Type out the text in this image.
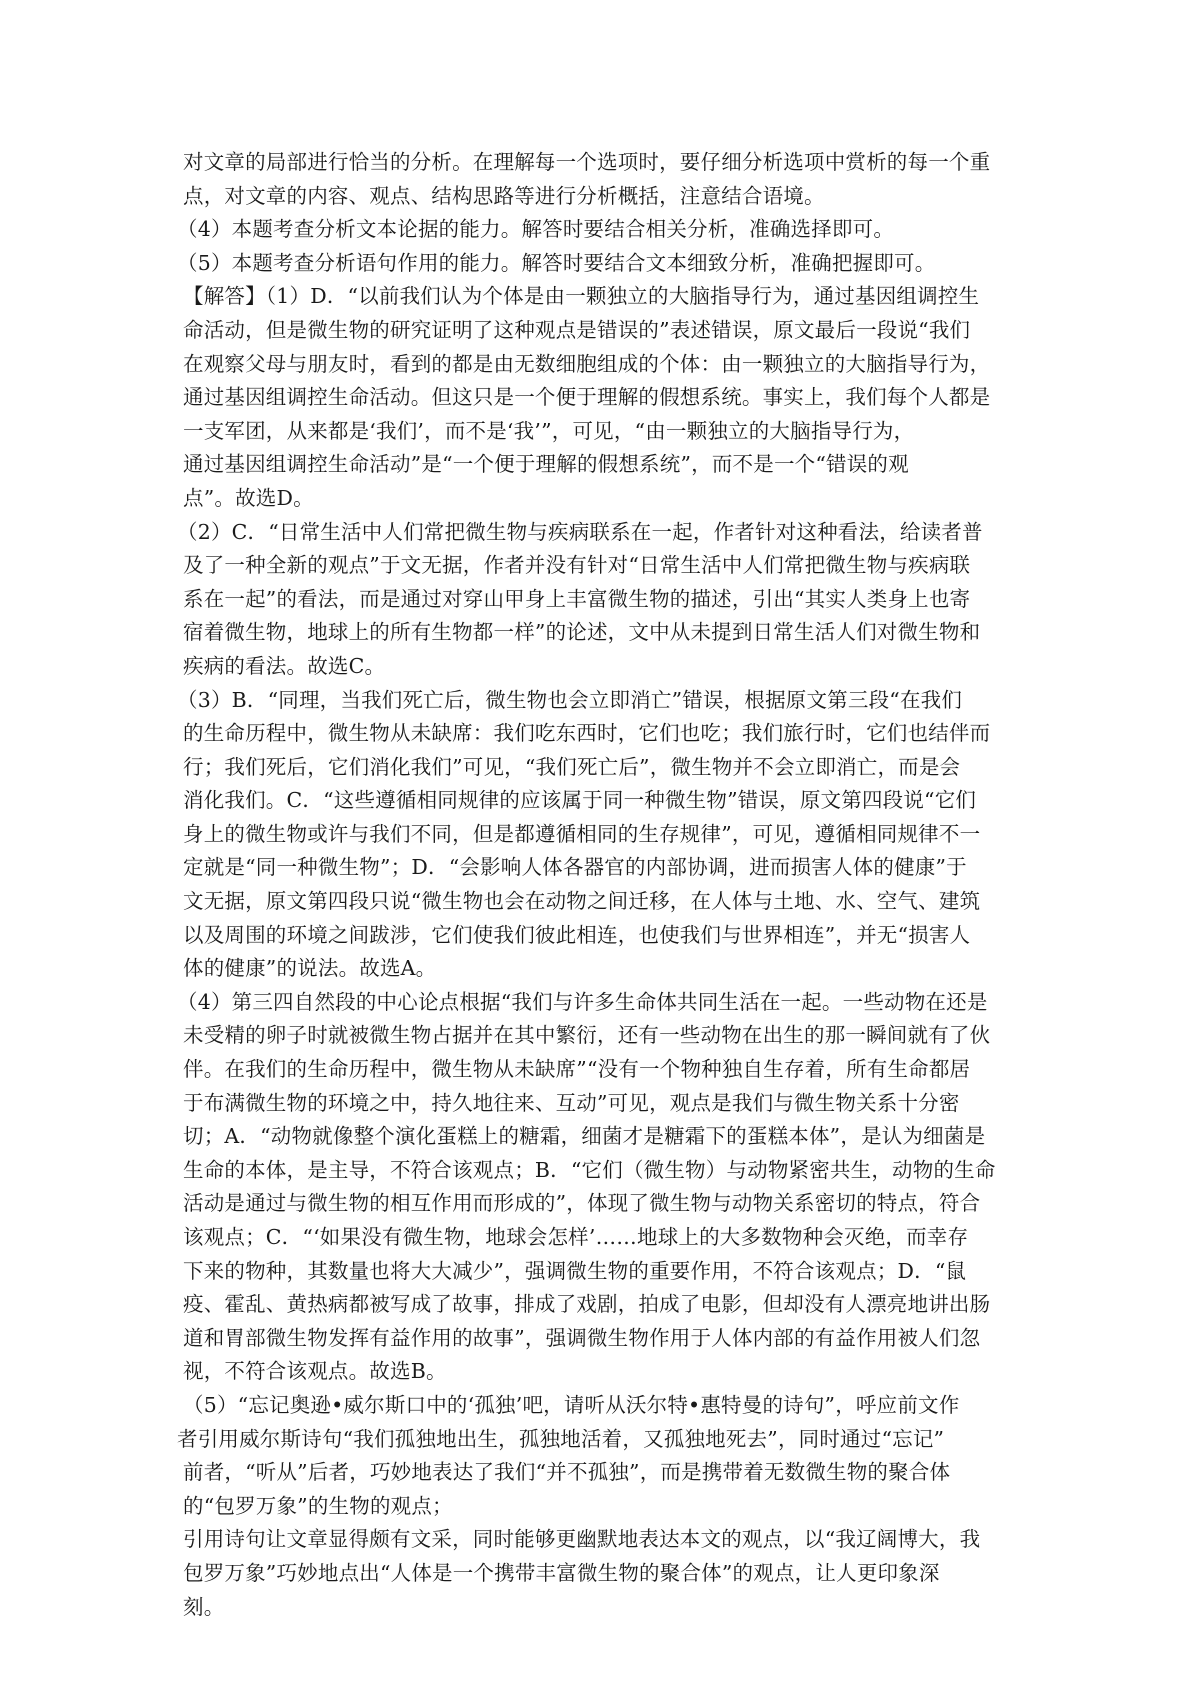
对文章的局部进行恰当的分析。在理解每一个选项时，要仔细分析选项中赏析的每一个重
点，对文章的内容、观点、结构思路等进行分析概括，注意结合语境。
（4）本题考查分析文本论据的能力。解答时要结合相关分析，准确选择即可。
（5）本题考查分析语句作用的能力。解答时要结合文本细致分析，准确把握即可。
【解答】（1）D．“以前我们认为个体是由一颗独立的大脑指导行为，通过基因组调控生
命活动，但是微生物的研究证明了这种观点是错误的”表述错误，原文最后一段说“我们
在观察父母与朋友时，看到的都是由无数细胞组成的个体：由一颗独立的大脑指导行为，
通过基因组调控生命活动。但这只是一个便于理解的假想系统。事实上，我们每个人都是
一支军团，从来都是‘我们’，而不是‘我’”，可见，“由一颗独立的大脑指导行为，
通过基因组调控生命活动”是“一个便于理解的假想系统”，而不是一个“错误的观
点”。故选D。
（2）C．“日常生活中人们常把微生物与疾病联系在一起，作者针对这种看法，给读者普
及了一种全新的观点”于文无据，作者并没有针对“日常生活中人们常把微生物与疾病联
系在一起”的看法，而是通过对穿山甲身上丰富微生物的描述，引出“其实人类身上也寄
宿着微生物，地球上的所有生物都一样”的论述，文中从未提到日常生活人们对微生物和
疾病的看法。故选C。
（3）B．“同理，当我们死亡后，微生物也会立即消亡”错误，根据原文第三段“在我们
的生命历程中，微生物从未缺席：我们吃东西时，它们也吃；我们旅行时，它们也结伴而
行；我们死后，它们消化我们”可见，“我们死亡后”，微生物并不会立即消亡，而是会
消化我们。C．“这些遵循相同规律的应该属于同一种微生物”错误，原文第四段说“它们
身上的微生物或许与我们不同，但是都遵循相同的生存规律”，可见，遵循相同规律不一
定就是“同一种微生物”；D．“会影响人体各器官的内部协调，进而损害人体的健康”于
文无据，原文第四段只说“微生物也会在动物之间迁移，在人体与土地、水、空气、建筑
以及周围的环境之间跋涉，它们使我们彼此相连，也使我们与世界相连”，并无“损害人
体的健康”的说法。故选A。
（4）第三四自然段的中心论点根据“我们与许多生命体共同生活在一起。一些动物在还是
未受精的卵子时就被微生物占据并在其中繁衍，还有一些动物在出生的那一瞬间就有了伙
伴。在我们的生命历程中，微生物从未缺席”“没有一个物种独自生存着，所有生命都居
于布满微生物的环境之中，持久地往来、互动”可见，观点是我们与微生物关系十分密
切；A．“动物就像整个演化蛋糕上的糖霜，细菌才是糖霜下的蛋糕本体”，是认为细菌是
生命的本体，是主导，不符合该观点；B．“它们（微生物）与动物紧密共生，动物的生命
活动是通过与微生物的相互作用而形成的”，体现了微生物与动物关系密切的特点，符合
该观点；C．“‘如果没有微生物，地球会怎样’……地球上的大多数物种会灭绝，而幸存
下来的物种，其数量也将大大减少”，强调微生物的重要作用，不符合该观点；D．“鼠
疫、霍乱、黄热病都被写成了故事，排成了戏剧，拍成了电影，但却没有人漂亮地讲出肠
道和胃部微生物发挥有益作用的故事”，强调微生物作用于人体内部的有益作用被人们忽
视，不符合该观点。故选B。
（5）“忘记奥逊•威尔斯口中的‘孤独’吧，请听从沃尔特•惠特曼的诗句”，呼应前文作
者引用威尔斯诗句“我们孤独地出生，孤独地活着，又孤独地死去”，同时通过“忘记”
前者，“听从”后者，巧妙地表达了我们“并不孤独”，而是携带着无数微生物的聚合体
的“包罗万象”的生物的观点；
引用诗句让文章显得颇有文采，同时能够更幽默地表达本文的观点，以“我辽阔博大，我
包罗万象”巧妙地点出“人体是一个携带丰富微生物的聚合体”的观点，让人更印象深
刻。
